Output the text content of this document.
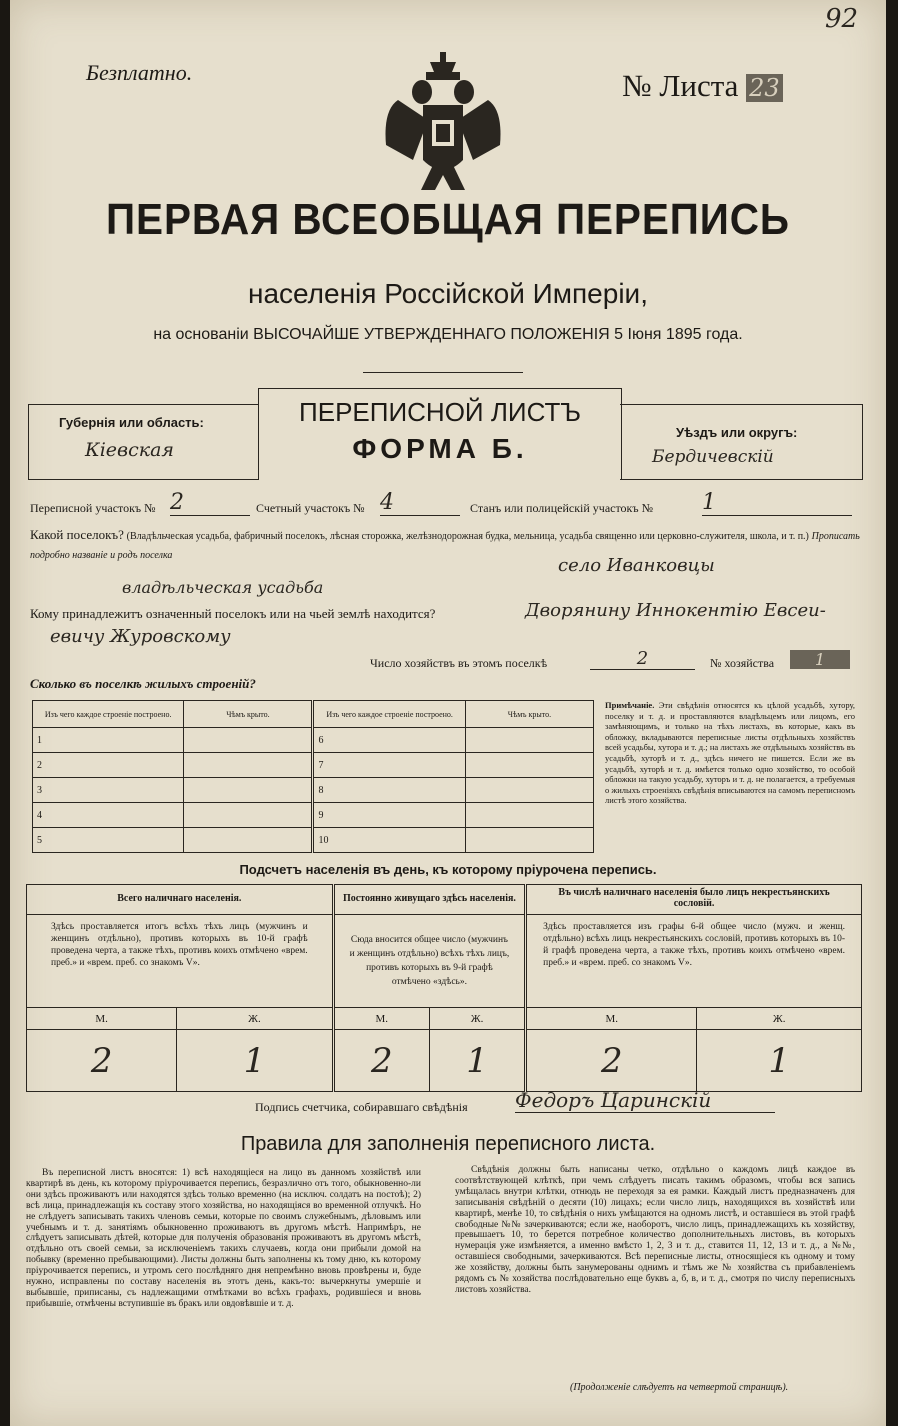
92
Безплатно.	№ Листа 23
ПЕРВАЯ ВСЕОБЩАЯ ПЕРЕПИСЬ
населенія Россійской Имперіи,
на основаніи ВЫСОЧАЙШЕ УТВЕРЖДЕННАГО ПОЛОЖЕНІЯ 5 Іюня 1895 года.
Губернія или область:
Кіевская
ПЕРЕПИСНОЙ ЛИСТЪ
ФОРМА Б.
Уѣздъ или округъ:
Бердичевскій
Переписной участокъ № 2	Счетный участокъ № 4	Станъ или полицейскій участокъ № 1
Какой поселокъ? (Владѣльческая усадьба, фабричный поселокъ, лѣсная сторожка, желѣзнодорожная будка, мельница, усадьба священно или церковно-служителя, школа, и т. п.) Прописать подробно названіе и родъ поселка	село Иванковцы
владѣльческая усадьба
Кому принадлежитъ означенный поселокъ или на чьей землѣ находится?	Дворянину Иннокентію Евсеи-
евичу Журовскому
Число хозяйствъ въ этомъ поселкѣ	2	№ хозяйства	1
Сколько въ поселкѣ жилыхъ строеній?
Изъ чего каждое строеніе построено.	Чѣмъ крыто.	Изъ чего каждое строеніе построено.	Чѣмъ крыто.
1		6	
2		7	
3		8	
4		9	
5		10	
Примѣчаніе. Эти свѣдѣнія относятся къ цѣлой усадьбѣ, хутору, поселку и т. д. и проставляются владѣльцемъ или лицомъ, его замѣняющимъ, и только на тѣхъ листахъ, въ которые, какъ въ обложку, вкладываются переписные листы отдѣльныхъ хозяйствъ всей усадьбы, хутора и т. д.; на листахъ же отдѣльныхъ хозяйствъ въ усадьбѣ, хуторѣ и т. д., здѣсь ничего не пишется. Если же въ усадьбѣ, хуторѣ и т. д. имѣется только одно хозяйство, то особой обложки на такую усадьбу, хуторъ и т. д. не полагается, а требуемыя о жилыхъ строеніяхъ свѣдѣнія вписываются на самомъ переписномъ листѣ этого хозяйства.
Подсчетъ населенія въ день, къ которому пріурочена перепись.
Всего наличнаго населенія.		Постоянно живущаго здѣсь населенія.		Въ числѣ наличнаго населенія было лицъ некрестьянскихъ сословій.	
Здѣсь проставляется итогъ всѣхъ тѣхъ лицъ (мужчинъ и женщинъ отдѣльно), противъ которыхъ въ 10-й графѣ проведена черта, а также тѣхъ, противъ коихъ отмѣчено «врем. преб.» и «врем. преб. со знакомъ V».		Сюда вносится общее число (мужчинъ и женщинъ отдѣльно) всѣхъ тѣхъ лицъ, противъ которыхъ въ 9-й графѣ отмѣчено «здѣсь».		Здѣсь проставляется изъ графы 6-й общее число (мужч. и женщ. отдѣльно) всѣхъ лицъ некрестьянскихъ сословій, противъ которыхъ въ 10-й графѣ проведена черта, а также тѣхъ, противъ коихъ отмѣчено «врем. преб.» и «врем. преб. со знакомъ V».	
М.	Ж.	М.	Ж.	М.	Ж.
2	1	2	1	2	1
Подпись счетчика, собиравшаго свѣдѣнія Федоръ Царинскій
Правила для заполненія переписного листа.
Въ переписной листъ вносятся: 1) всѣ находящіеся на лицо въ данномъ хозяйствѣ или квартирѣ въ день, къ которому пріурочивается перепись, безразлично отъ того, обыкновенно-ли они здѣсь проживаютъ или находятся здѣсь только временно (на исключ. солдатъ на постоѣ); 2) всѣ лица, принадлежащія къ составу этого хозяйства, но находящіяся во временной отлучкѣ. Но не слѣдуетъ записывать такихъ членовъ семьи, которые по своимъ служебнымъ, дѣловымъ или учебнымъ и т. д. занятіямъ обыкновенно проживаютъ въ другомъ мѣстѣ. Напримѣръ, не слѣдуетъ записывать дѣтей, которые для полученія образованія проживаютъ въ другомъ мѣстѣ, отдѣльно отъ своей семьи, за исключеніемъ такихъ случаевъ, когда они прибыли домой на побывку (временно пребывающими). Листы должны быть заполнены къ тому дню, къ которому пріурочивается перепись, и утромъ сего послѣдняго дня непремѣнно вновь провѣрены и, буде нужно, исправлены по составу населенія въ этотъ день, какъ-то: вычеркнуты умершіе и выбывшіе, приписаны, съ надлежащими отмѣтками во всѣхъ графахъ, родившіеся и вновь прибывшіе, отмѣчены вступившіе въ бракъ или овдовѣвшіе и т. д.
Свѣдѣнія должны быть написаны четко, отдѣльно о каждомъ лицѣ каждое въ соотвѣтствующей клѣткѣ, при чемъ слѣдуетъ писать такимъ образомъ, чтобы вся запись умѣщалась внутри клѣтки, отнюдь не переходя за ея рамки. Каждый листъ предназначенъ для записыванія свѣдѣній о десяти (10) лицахъ; если число лицъ, находящихся въ хозяйствѣ или квартирѣ, менѣе 10, то свѣдѣнія о нихъ умѣщаются на одномъ листѣ, и оставшіеся въ этой графѣ свободные №№ зачеркиваются; если же, наоборотъ, число лицъ, принадлежащихъ къ хозяйству, превышаетъ 10, то берется потребное количество дополнительныхъ листовъ, въ которыхъ нумерація уже измѣняется, а именно вмѣсто 1, 2, 3 и т. д., ставится 11, 12, 13 и т. д., а №№, оставшіеся свободными, зачеркиваются. Всѣ переписные листы, относящіеся къ одному и тому же хозяйству, должны быть занумерованы однимъ и тѣмъ же № хозяйства съ прибавленіемъ рядомъ съ № хозяйства послѣдовательно еще буквъ а, б, в, и т. д., смотря по числу переписныхъ листовъ хозяйства.
(Продолженіе слѣдуетъ на четвертой страницѣ).
